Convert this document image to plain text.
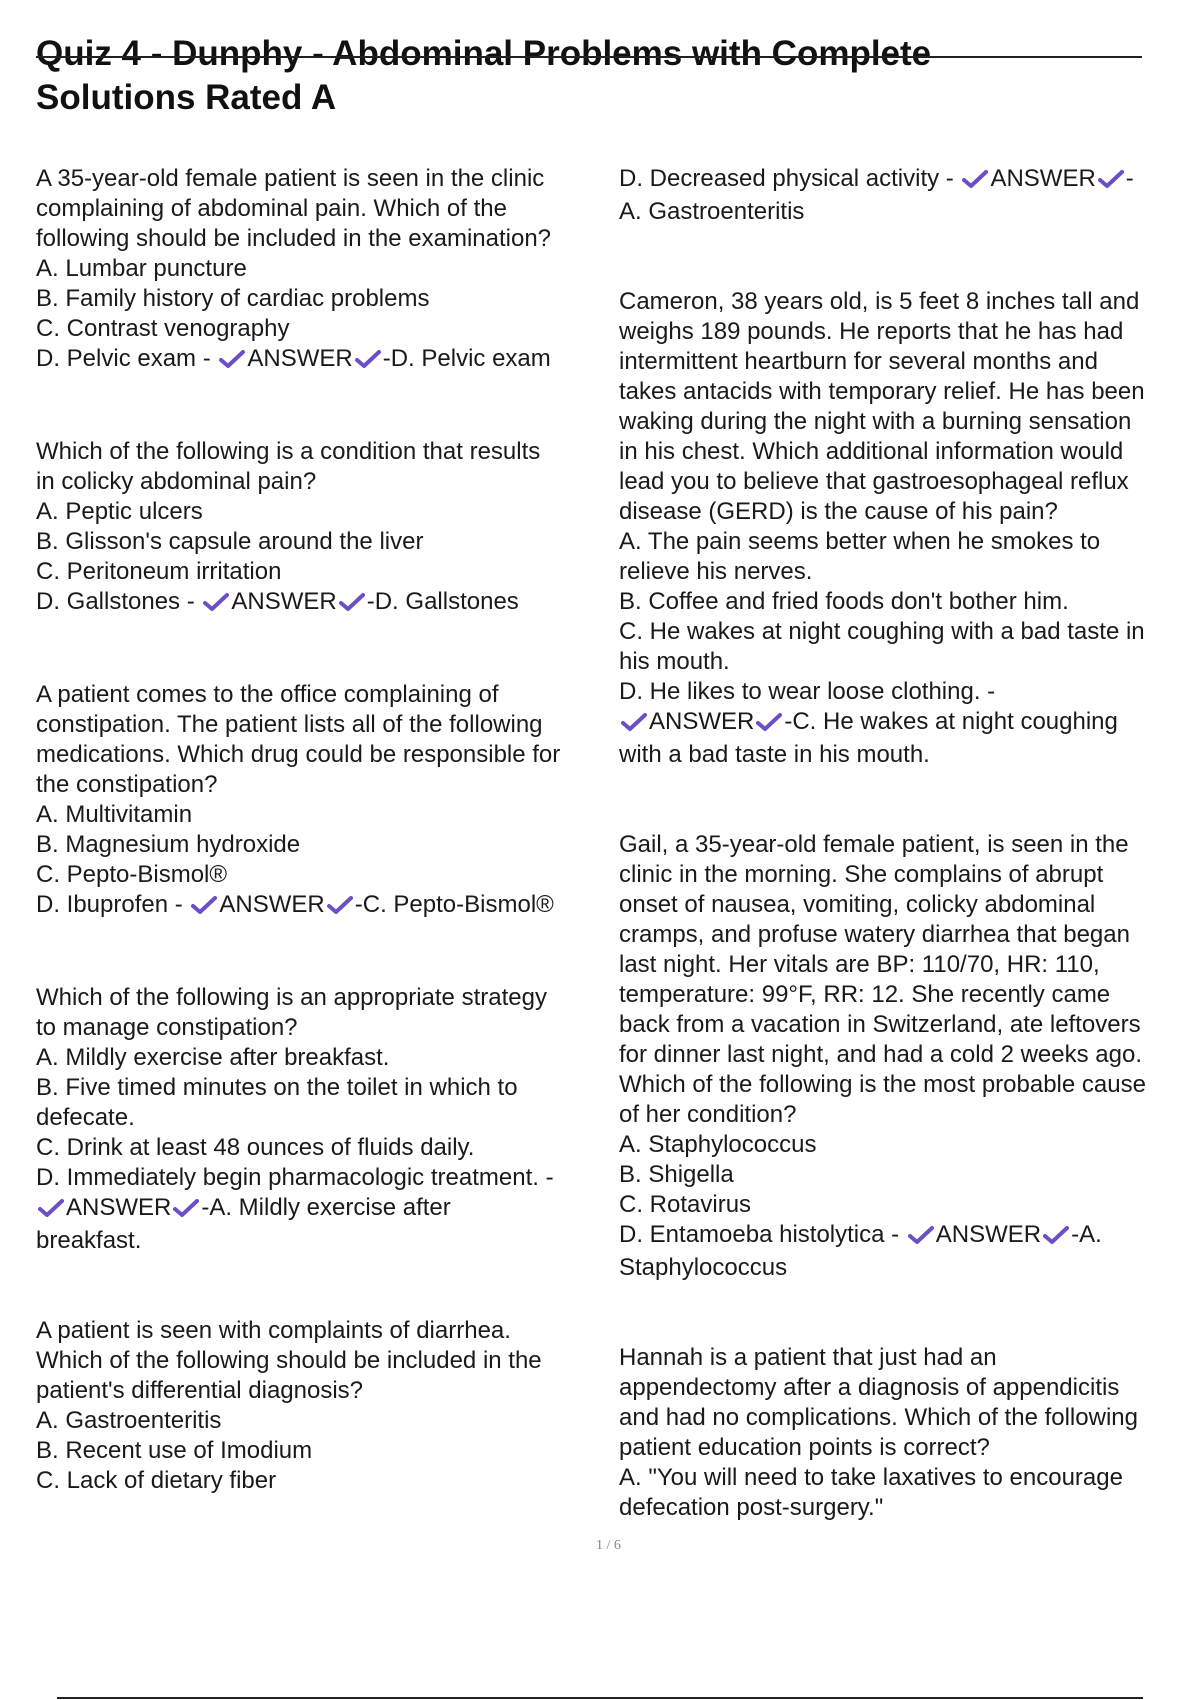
Quiz 4 - Dunphy - Abdominal Problems with Complete
Solutions Rated A
A 35-year-old female patient is seen in the clinic
complaining of abdominal pain. Which of the
following should be included in the examination?
A. Lumbar puncture
B. Family history of cardiac problems
C. Contrast venography
D. Pelvic exam - ANSWER -D. Pelvic exam
Which of the following is a condition that results
in colicky abdominal pain?
A. Peptic ulcers
B. Glisson's capsule around the liver
C. Peritoneum irritation
D. Gallstones - ANSWER -D. Gallstones
A patient comes to the office complaining of
constipation. The patient lists all of the following
medications. Which drug could be responsible for
the constipation?
A. Multivitamin
B. Magnesium hydroxide
C. Pepto-Bismol®
D. Ibuprofen - ANSWER -C. Pepto-Bismol®
Which of the following is an appropriate strategy
to manage constipation?
A. Mildly exercise after breakfast.
B. Five timed minutes on the toilet in which to
defecate.
C. Drink at least 48 ounces of fluids daily.
D. Immediately begin pharmacologic treatment. -
ANSWER -A. Mildly exercise after
breakfast.
A patient is seen with complaints of diarrhea.
Which of the following should be included in the
patient's differential diagnosis?
A. Gastroenteritis
B. Recent use of Imodium
C. Lack of dietary fiber
D. Decreased physical activity - ANSWER -
A. Gastroenteritis
Cameron, 38 years old, is 5 feet 8 inches tall and
weighs 189 pounds. He reports that he has had
intermittent heartburn for several months and
takes antacids with temporary relief. He has been
waking during the night with a burning sensation
in his chest. Which additional information would
lead you to believe that gastroesophageal reflux
disease (GERD) is the cause of his pain?
A. The pain seems better when he smokes to
relieve his nerves.
B. Coffee and fried foods don't bother him.
C. He wakes at night coughing with a bad taste in
his mouth.
D. He likes to wear loose clothing. -
ANSWER -C. He wakes at night coughing
with a bad taste in his mouth.
Gail, a 35-year-old female patient, is seen in the
clinic in the morning. She complains of abrupt
onset of nausea, vomiting, colicky abdominal
cramps, and profuse watery diarrhea that began
last night. Her vitals are BP: 110/70, HR: 110,
temperature: 99°F, RR: 12. She recently came
back from a vacation in Switzerland, ate leftovers
for dinner last night, and had a cold 2 weeks ago.
Which of the following is the most probable cause
of her condition?
A. Staphylococcus
B. Shigella
C. Rotavirus
D. Entamoeba histolytica - ANSWER -A.
Staphylococcus
Hannah is a patient that just had an
appendectomy after a diagnosis of appendicitis
and had no complications. Which of the following
patient education points is correct?
A. "You will need to take laxatives to encourage
defecation post-surgery."
1 / 6
